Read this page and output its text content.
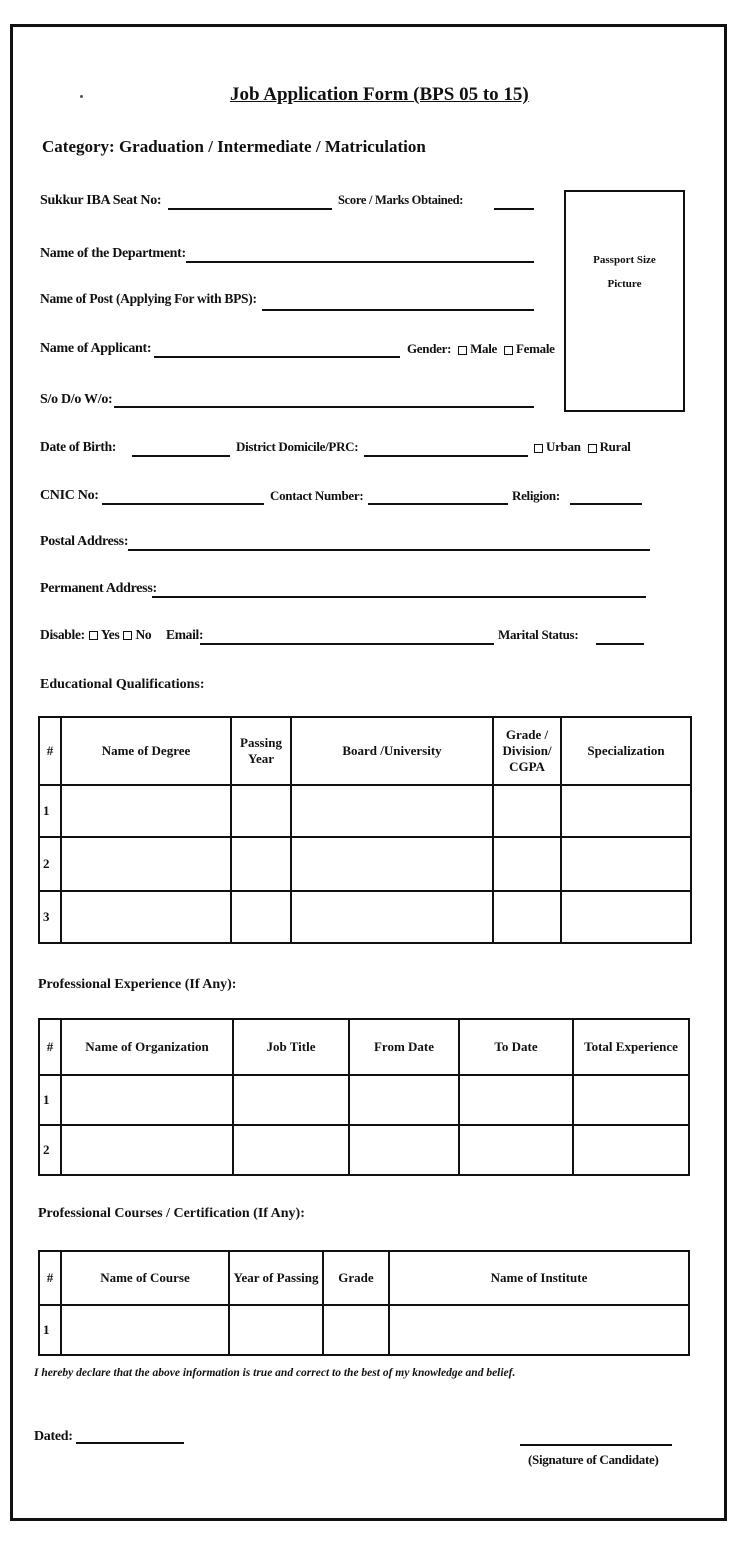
Job Application Form (BPS 05 to 15)
Category: Graduation / Intermediate / Matriculation
Passport Size
Picture
Sukkur IBA Seat No:	Score / Marks Obtained:
Name of the Department:
Name of Post (Applying For with BPS):
Name of Applicant:	Gender: Male Female
S/o D/o W/o:
Date of Birth:	District Domicile/PRC:	Urban Rural
CNIC No:	Contact Number:	Religion:
Postal Address:
Permanent Address:
Disable: Yes No Email:	Marital Status:
Educational Qualifications:
#	Name of Degree	Passing Year	Board /University	Grade / Division/ CGPA	Specialization
1					
2					
3					
Professional Experience (If Any):
#	Name of Organization	Job Title	From Date	To Date	Total Experience
1					
2					
Professional Courses / Certification (If Any):
#	Name of Course	Year of Passing	Grade	Name of Institute
1				
I hereby declare that the above information is true and correct to the best of my knowledge and belief.
Dated:
(Signature of Candidate)
